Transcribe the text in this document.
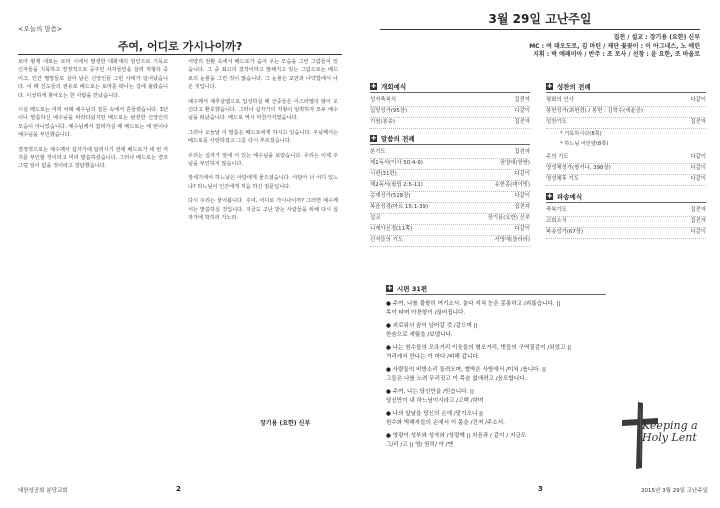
<오늘의 말씀>
주여, 어디로 가시나이까?

로마 황제 네로는 로마 시에서 발생한 대화재의 원인으로 기독교 신자들을 지목하고 결정적으로 공주인 사자들만을 살려 처형의 죽이고, 인간 멸망들로 살아 남은 신앙인들 그런 사태가 일어났습니다. 이 때 신도들의 권유로 베드로는 로마를 떠나는 길에 올랐습니다. 이상하게 찾아오는 한 사람을 만났습니다.

시실 베드로는 여러 차례 예수님의 질문 속에서 흔들렸습니다. 3년이나 말씀하신 예수님을 따라다녔지만 베드로는 완전한 신앙인의 모습이 아니었습니다. 예수님께서 잡혀가실 때 베드로는 세 번이나 예수님을 부인했습니다.

결정적으로는 예수께서 십자가에 달리시기 전에 베드로가 세 번 저지를 부인할 것이라고 미리 말씀하셨습니다. 그러나 베드로는 결코 그럴 일이 없을 것이라고 장담했습니다.

서양의 전환 속에서 베드로가 숨어 우는 모습을 그린 그림들이 있습니다. 그 중 최고의 걸작이라고 말해지고 있는 그림으로는 베드로의 눈물을 그린 것이 많습니다. 그 눈물은 교만과 나약함에서 나온 것입니다.

예수께서 예루살렘으로 입성하실 때 군중들은 이스라엘의 왕이 오신다고 환호했습니다. 그러나 십자가의 처형이 임박하자 모두 예수님을 떠났습니다. 베드로 역시 마찬가지였습니다.

그러나 오늘날 이 말씀은 베드로에게 하시고 있습니다. 주님께서는 베드로를 사랑하셨고 그를 다시 부르셨습니다.

우리는 십자가 앞에 서 있는 예수님을 보았습니다. 우리는 이제 주님을 부인하지 않습니다.

장세기에서 하느님은 아담에게 물으셨습니다. 아담아 너 어디 있느냐? 하느님이 인간에게 처음 하신 질문입니다.

다시 우리는 물어봅니다. 주여, 어디로 가시나이까? 그러면 예수께서는 말씀하실 것입니다. 지금도 고난 받는 사람들을 위해 다시 십자가에 박히러 가노라.

장기용 (요한) 신부
대한성공회 분당교회	2
3월 29일 고난주일
집전 / 설교 : 장기용 (요한) 신부
MC : 여 데오도로, 김 마틴 / 제단 꽃꽂이 : 이 아그네스, 노 애린
지휘 : 박 에레미아 / 반주 : 조 로사 / 선창 : 윤 요한, 조 바울로
✚ 개회예식
성자축복식	집전자
입당성가(95장)	다같이
기원(봉송)	집전자
✚ 말씀의 전례
본기도	집전자
제1독서(이사 50:4-9)	권영대(쌍쌍)
시편(31편)	다같이
제2독서(필립 2:5-11)	유현종(데이빗)
층계성가(528장)	다같이
복음성경(마르 15:1-39)	집전자
설교	장기용(요한) 신부
니케아신경(11쪽)	다같이
신자들의 기도	서영애(클라라)
✚ 성찬의 전례
평화의 인사	다같이
봉헌성가(최헌경) / 봉헌 : 김학수(세윤공)
성찬기도	집전자
* 거룩하시다(8쪽)
* 하느님 어린양(8쪽)
주의 기도	다같이
영성체성가(쌍거나, 398장)	다같이
영성체후 기도	다같이
✚ 파송예식
축복기도	집전자
교회소식	집전자
파송성가(67장)	다같이
✚ 시편 31편
● 주여, 나를 불쌍히 여기소서. 울다 지쳐 눈은 몽롱하고 /괴롭습니다. ||
목이 타며 아찬항이 /끊어집니다.
● 괴로워서 숨이 넘어갈 것 /같으며 ||
한숨으로 세월을 /보냅니다.
● 나는 원수들의 모욕거리 이웃들의 혐오거리, 벗들의 구역질감이 /되었고 ||
거리에서 만나는 이 마다 /피해 갑니다.
● 사람들의 비방소리 들려오며, 협박은 사방에서 /미쳐 /옵니다. ||
그들은 나를 노려 무리짓고 이 목숨 없애려고 /음모합니다.
● 주여, 나는 당신만을 /믿습니다. ||
당신만이 내 하느님이시라고 /고백 /하며
● 나의 앞날을 당신의 손에 /맡기오니 ||
원수와 박해자들의 손에서 이 몸을 /건져 /주소서.
● 영광이 성부와 성자와 /성령께 || 처음과 / 같이 / 지금도
그/리 /고 || 영/ 원히/ 아 /멘
Keeping a Holy Lent
3	2015년 3월 29일 고난주일
